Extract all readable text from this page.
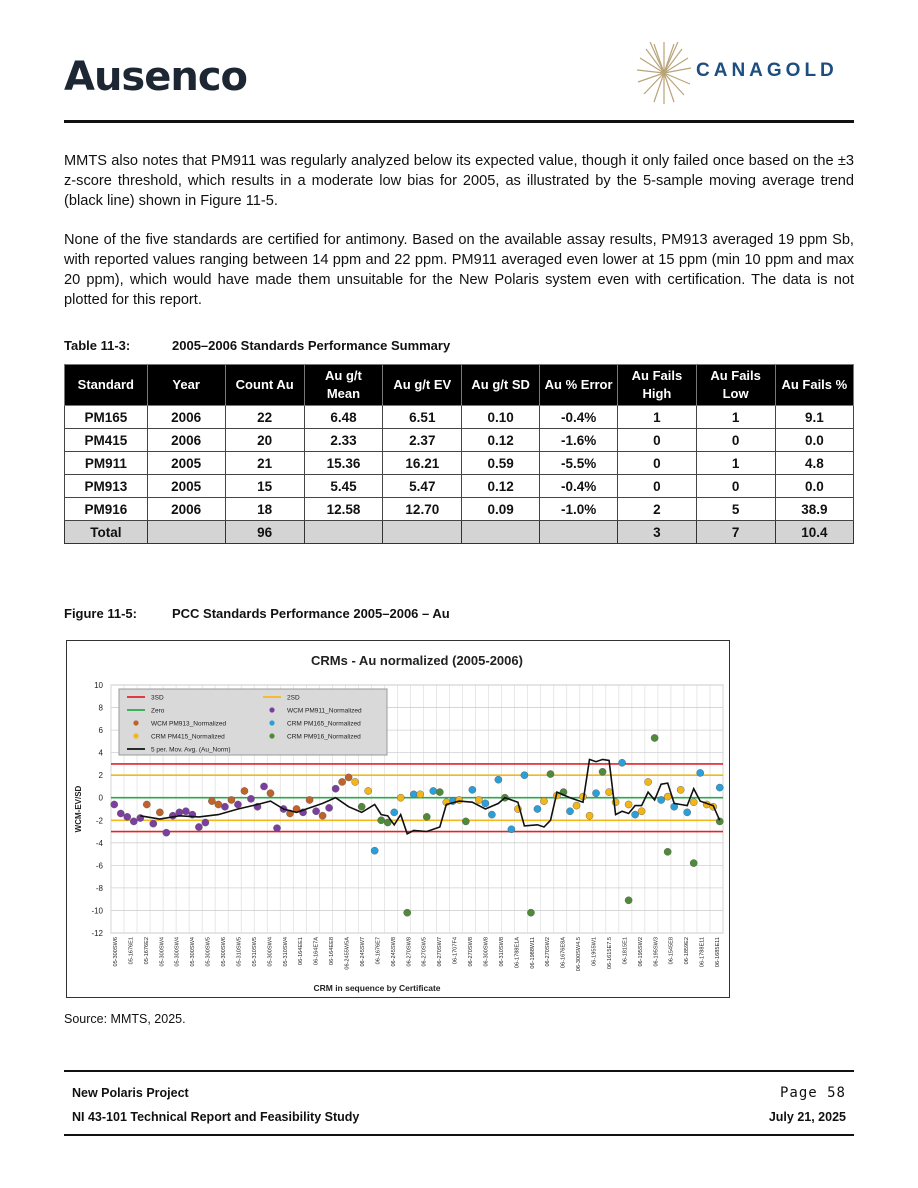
Ausenco	CANAGOLD
MMTS also notes that PM911 was regularly analyzed below its expected value, though it only failed once based on the ±3 z-score threshold, which results in a moderate low bias for 2005, as illustrated by the 5-sample moving average trend (black line) shown in Figure 11-5.
None of the five standards are certified for antimony. Based on the available assay results, PM913 averaged 19 ppm Sb, with reported values ranging between 14 ppm and 22 ppm. PM911 averaged even lower at 15 ppm (min 10 ppm and max 20 ppm), which would have made them unsuitable for the New Polaris system even with certification. The data is not plotted for this report.
Table 11-3:	2005–2006 Standards Performance Summary
Standard	Year	Count Au	Au g/t Mean	Au g/t EV	Au g/t SD	Au % Error	Au Fails High	Au Fails Low	Au Fails %
PM165	2006	22	6.48	6.51	0.10	-0.4%	1	1	9.1
PM415	2006	20	2.33	2.37	0.12	-1.6%	0	0	0.0
PM911	2005	21	15.36	16.21	0.59	-5.5%	0	1	4.8
PM913	2005	15	5.45	5.47	0.12	-0.4%	0	0	0.0
PM916	2006	18	12.58	12.70	0.09	-1.0%	2	5	38.9
Total		96					3	7	10.4
Figure 11-5:	PCC Standards Performance 2005–2006 – Au
10
8
6
4
2
0
-2
-4
-6
-8
-10
-12
CRMs - Au normalized (2005-2006)
WCM-EV/SD
05-300SW6 05-1676E1 05-1676E2 05-300SW4 05-300SW4 05-300SW4 05-300SW5 05-300SW6 05-310SW5 05-310SW5 05-300SW4 05-310SW4 06-164EE1 06-164E7A 06-164EE8 06-2455W5A 06-245SW7 06-1676E7 06-245SW8 06-270SW8 06-270SW5 06-270SW7 06-1707F4 06-270SW8 06-300SW8 06-310SW8 06-1788E1A 06-1988W11 06-270SW2 06-1676E8A 06-300SW4.5 06-1955W1 06-1615E7.5 06-1815E1 06-195SW2 06-195SW3 06-1545E8 06-1859E2 06-1788E11 06-1685E11
CRM in sequence by Certificate
3SD	2SD
Zero	WCM PM911_Normalized
WCM PM913_Normalized	CRM PM165_Normalized
CRM PM415_Normalized	CRM PM916_Normalized
5 per. Mov. Avg. (Au_Norm)
Source: MMTS, 2025.
New Polaris Project
NI 43-101 Technical Report and Feasibility Study
Page 58
July 21, 2025
